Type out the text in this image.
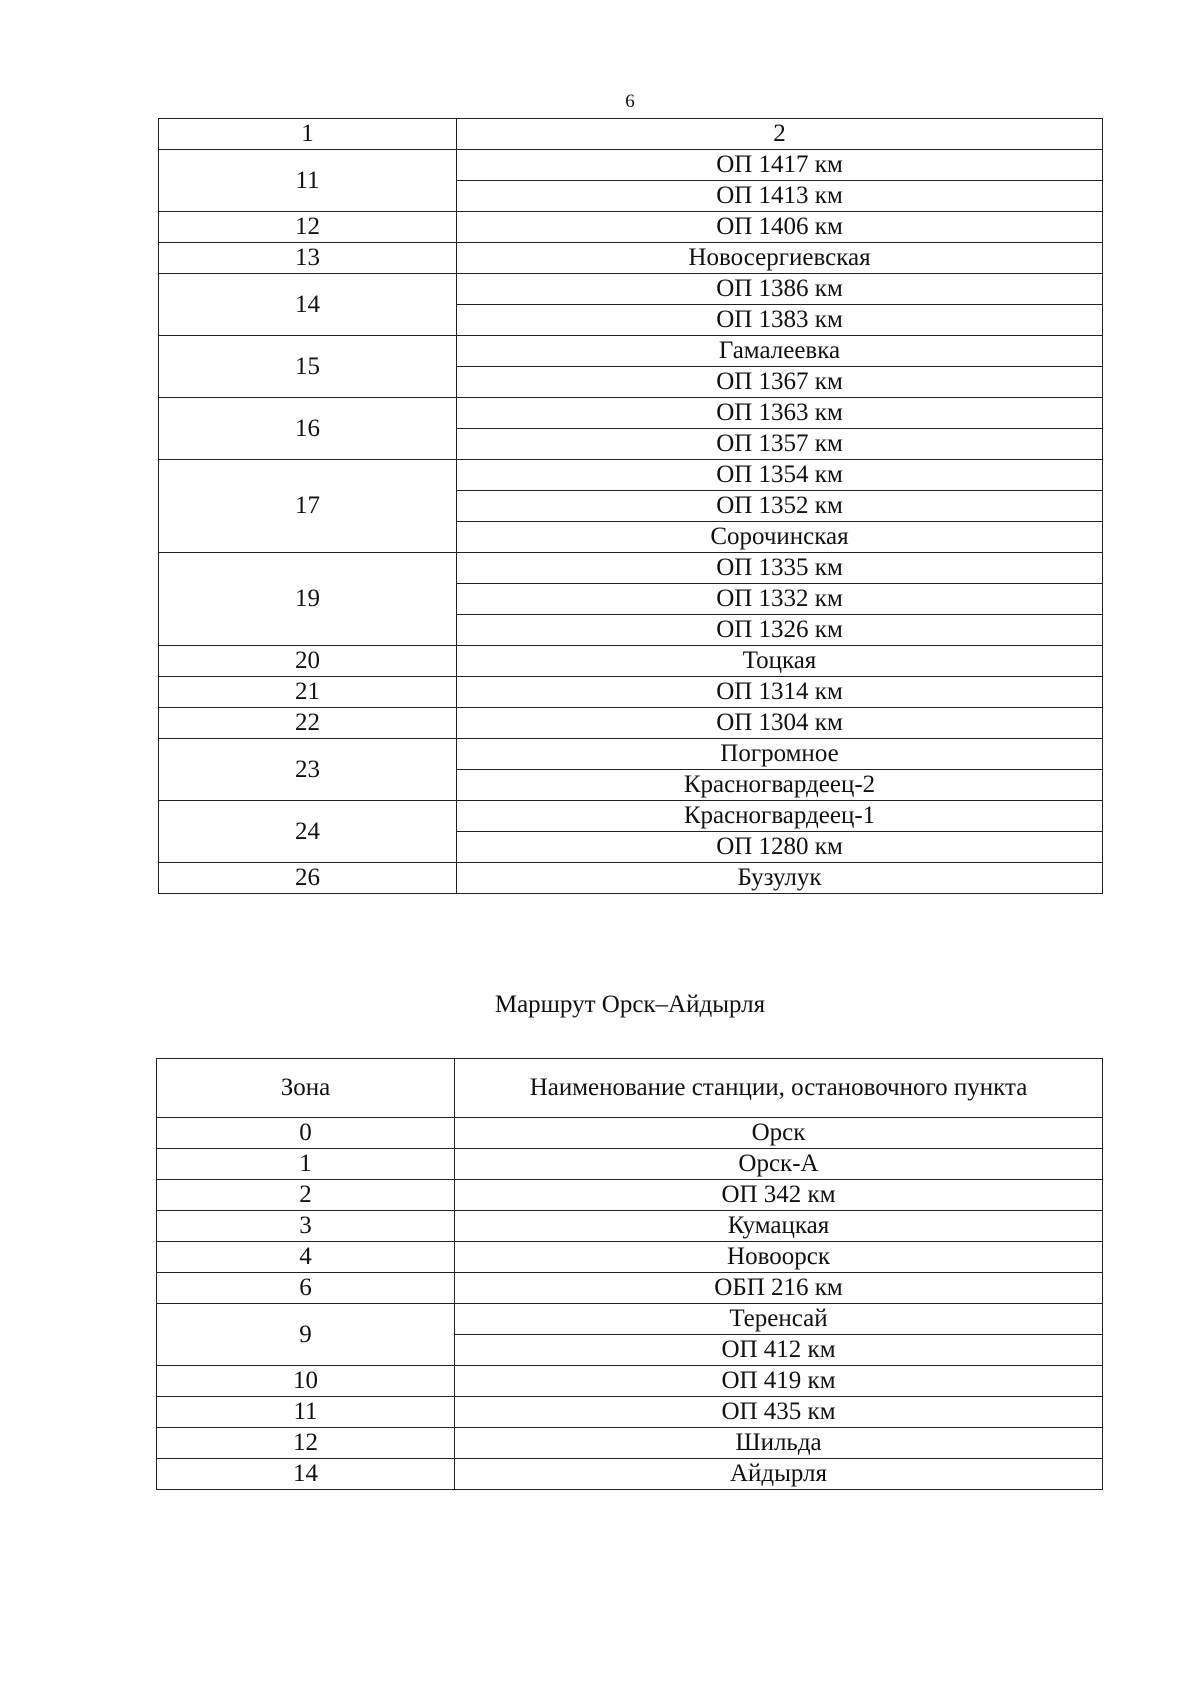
6
1	2
11	ОП 1417 км
	ОП 1413 км
12	ОП 1406 км
13	Новосергиевская
14	ОП 1386 км
	ОП 1383 км
15	Гамалеевка
	ОП 1367 км
16	ОП 1363 км
	ОП 1357 км
17	ОП 1354 км
	ОП 1352 км
	Сорочинская
19	ОП 1335 км
	ОП 1332 км
	ОП 1326 км
20	Тоцкая
21	ОП 1314 км
22	ОП 1304 км
23	Погромное
	Красногвардеец-2
24	Красногвардеец-1
	ОП 1280 км
26	Бузулук
Маршрут Орск–Айдырля
Зона	Наименование станции, остановочного пункта
0	Орск
1	Орск-А
2	ОП 342 км
3	Кумацкая
4	Новоорск
6	ОБП 216 км
9	Теренсай
	ОП 412 км
10	ОП 419 км
11	ОП 435 км
12	Шильда
14	Айдырля
